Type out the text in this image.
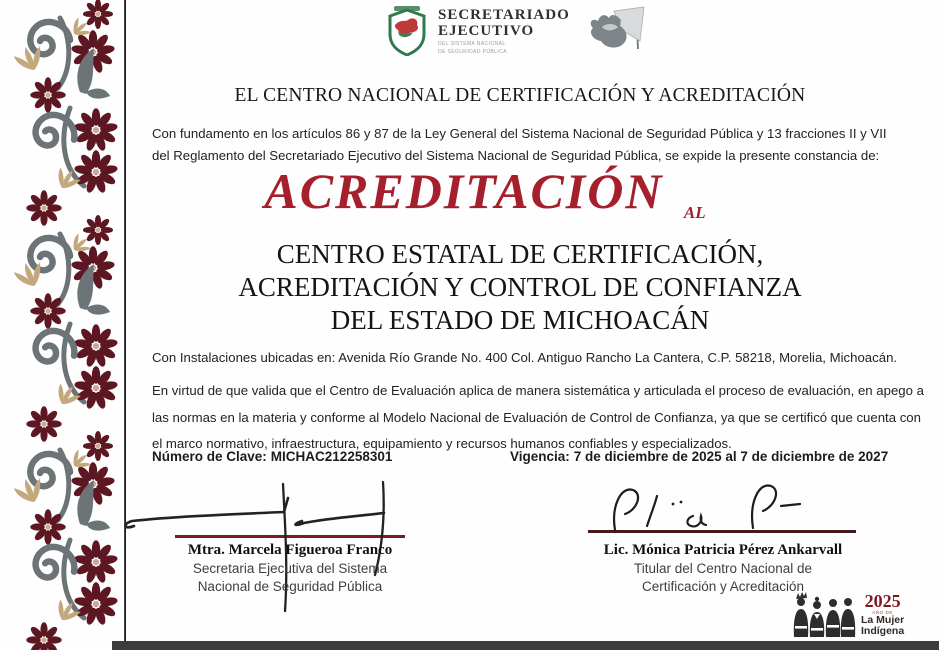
SECRETARIADO
EJECUTIVO
DEL SISTEMA NACIONAL
DE SEGURIDAD PÚBLICA
EL CENTRO NACIONAL DE CERTIFICACIÓN Y ACREDITACIÓN

Con fundamento en los artículos 86 y 87 de la Ley General del Sistema Nacional de Seguridad Pública y 13 fracciones II y VII
del Reglamento del Secretariado Ejecutivo del Sistema Nacional de Seguridad Pública, se expide la presente constancia de:

ACREDITACIÓN AL
CENTRO ESTATAL DE CERTIFICACIÓN,
ACREDITACIÓN Y CONTROL DE CONFIANZA
DEL ESTADO DE MICHOACÁN

Con Instalaciones ubicadas en: Avenida Río Grande No. 400 Col. Antiguo Rancho La Cantera, C.P. 58218, Morelia, Michoacán.

En virtud de que valida que el Centro de Evaluación aplica de manera sistemática y articulada el proceso de evaluación, en apego a
las normas en la materia y conforme al Modelo Nacional de Evaluación de Control de Confianza, ya que se certificó que cuenta con
el marco normativo, infraestructura, equipamiento y recursos humanos confiables y especializados.

Número de Clave: MICHAC212258301	Vigencia: 7 de diciembre de 2025 al 7 de diciembre de 2027
Mtra. Marcela Figueroa Franco
Secretaria Ejecutiva del Sistema
Nacional de Seguridad Pública
Lic. Mónica Patricia Pérez Ankarvall
Titular del Centro Nacional de
Certificación y Acreditación
2025
AÑO DE
La Mujer
Indígena
